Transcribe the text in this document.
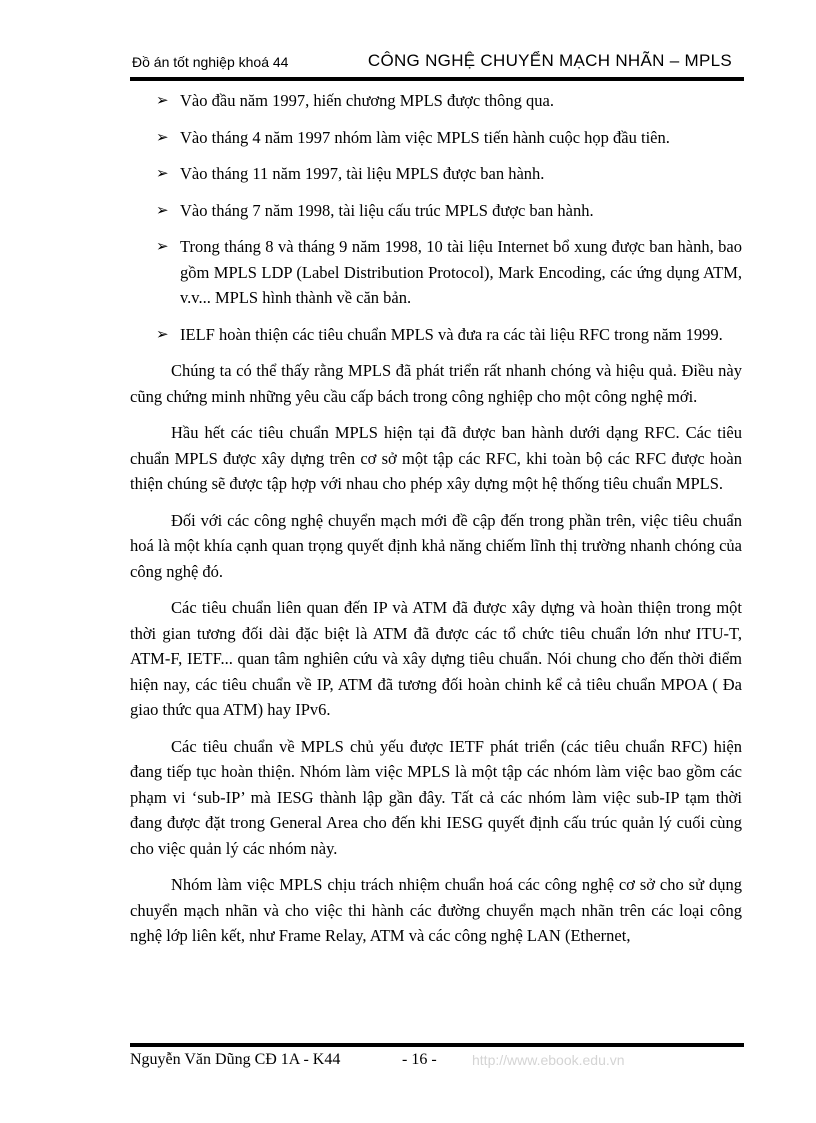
Đồ án tốt nghiệp khoá 44	CÔNG NGHỆ CHUYỂN MẠCH NHÃN – MPLS
➢ Vào đầu năm 1997, hiến chương MPLS được thông qua.
➢ Vào tháng 4 năm 1997 nhóm làm việc MPLS tiến hành cuộc họp đầu tiên.
➢ Vào tháng 11 năm 1997, tài liệu MPLS được ban hành.
➢ Vào tháng 7 năm 1998, tài liệu cấu trúc MPLS được ban hành.
➢ Trong tháng 8 và tháng 9 năm 1998, 10 tài liệu Internet bổ xung được ban hành, bao gồm MPLS LDP (Label Distribution Protocol), Mark Encoding, các ứng dụng ATM, v.v... MPLS hình thành về căn bản.
➢ IELF hoàn thiện các tiêu chuẩn MPLS và đưa ra các tài liệu RFC trong năm 1999.

Chúng ta có thể thấy rằng MPLS đã phát triển rất nhanh chóng và hiệu quả. Điều này cũng chứng minh những yêu cầu cấp bách trong công nghiệp cho một công nghệ mới.

Hầu hết các tiêu chuẩn MPLS hiện tại đã được ban hành dưới dạng RFC. Các tiêu chuẩn MPLS được xây dựng trên cơ sở một tập các RFC, khi toàn bộ các RFC được hoàn thiện chúng sẽ được tập hợp với nhau cho phép xây dựng một hệ thống tiêu chuẩn MPLS.

Đối với các công nghệ chuyển mạch mới đề cập đến trong phần trên, việc tiêu chuẩn hoá là một khía cạnh quan trọng quyết định khả năng chiếm lĩnh thị trường nhanh chóng của công nghệ đó.

Các tiêu chuẩn liên quan đến IP và ATM đã được xây dựng và hoàn thiện trong một thời gian tương đối dài đặc biệt là ATM đã được các tổ chức tiêu chuẩn lớn như ITU-T, ATM-F, IETF... quan tâm nghiên cứu và xây dựng tiêu chuẩn. Nói chung cho đến thời điểm hiện nay, các tiêu chuẩn về IP, ATM đã tương đối hoàn chinh kể cả tiêu chuẩn MPOA ( Đa giao thức qua ATM) hay IPv6.

Các tiêu chuẩn về MPLS chủ yếu được IETF phát triển (các tiêu chuẩn RFC) hiện đang tiếp tục hoàn thiện. Nhóm làm việc MPLS là một tập các nhóm làm việc bao gồm các phạm vi ‘sub-IP’ mà IESG thành lập gần đây. Tất cả các nhóm làm việc sub-IP tạm thời đang được đặt trong General Area cho đến khi IESG quyết định cấu trúc quản lý cuối cùng cho việc quản lý các nhóm này.

Nhóm làm việc MPLS chịu trách nhiệm chuẩn hoá các công nghệ cơ sở cho sử dụng chuyển mạch nhãn và cho việc thi hành các đường chuyển mạch nhãn trên các loại công nghệ lớp liên kết, như Frame Relay, ATM và các công nghệ LAN (Ethernet,

Nguyễn Văn Dũng CĐ 1A - K44	- 16 -	http://www.ebook.edu.vn
